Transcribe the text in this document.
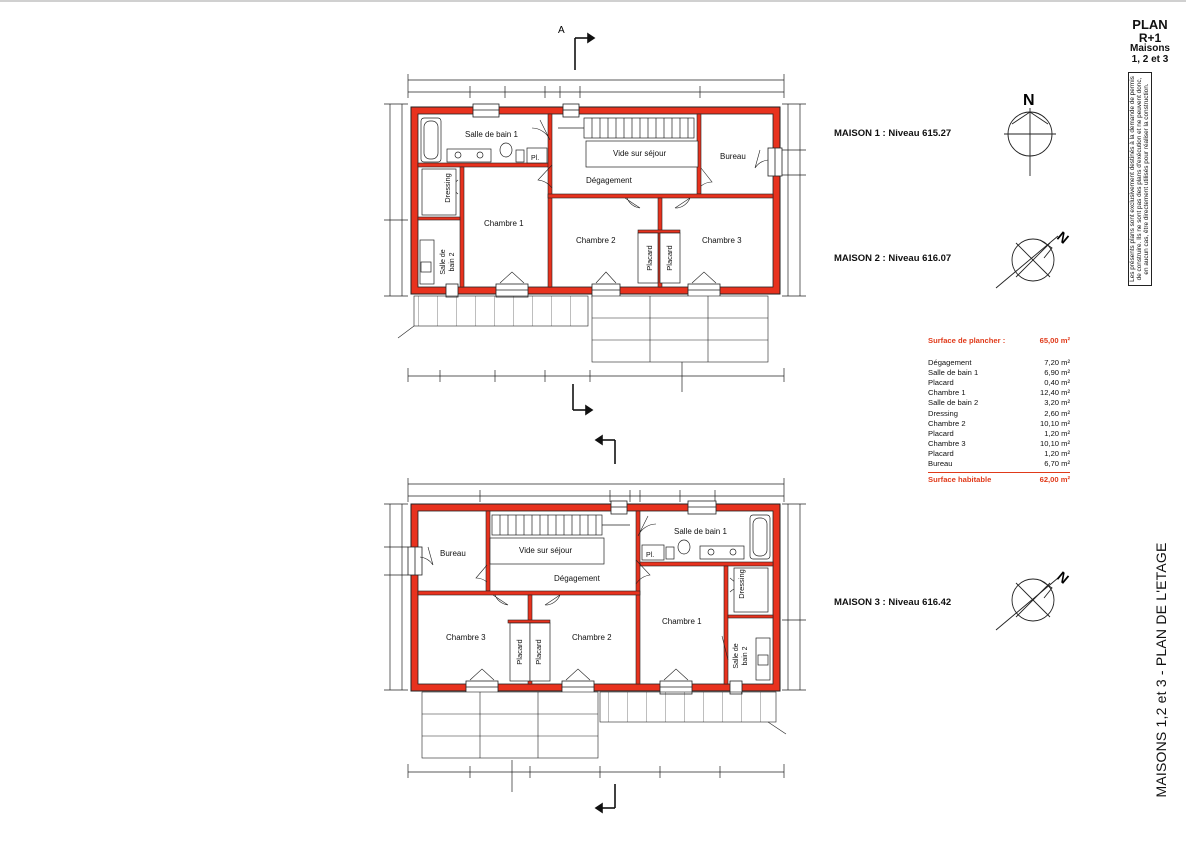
A
Salle de bain 1
Pl.
Vide sur séjour	Bureau
Dégagement
Chambre 1
Chambre 2	Chambre 3
Dressing
Placard Placard
Salle de bain 2
Salle de bain 1
Pl.
Vide sur séjour
Bureau
Dégagement
Chambre 1
Chambre 2
Chambre 3
Dressing
Placard Placard	Salle de bain 2
N
N
N
PLAN
R+1
Maisons
1, 2 et 3
Les présents plans sont exclusivement destinés à la demande de permis de construire. Ils ne sont pas des plans d'exécution et ne peuvent donc, en aucun cas, être directement utilisés pour réaliser la construction.
MAISONS 1,2 et 3 - PLAN DE L'ETAGE
MAISON 1 : Niveau 615.27
MAISON 2 : Niveau 616.07
MAISON 3 : Niveau 616.42
Surface de plancher :	65,00 m²
Dégagement	7,20 m²
Salle de bain 1	6,90 m²
Placard	0,40 m²
Chambre 1	12,40 m²
Salle de bain 2	3,20 m²
Dressing	2,60 m²
Chambre 2	10,10 m²
Placard	1,20 m²
Chambre 3	10,10 m²
Placard	1,20 m²
Bureau	6,70 m²
Surface habitable	62,00 m²
